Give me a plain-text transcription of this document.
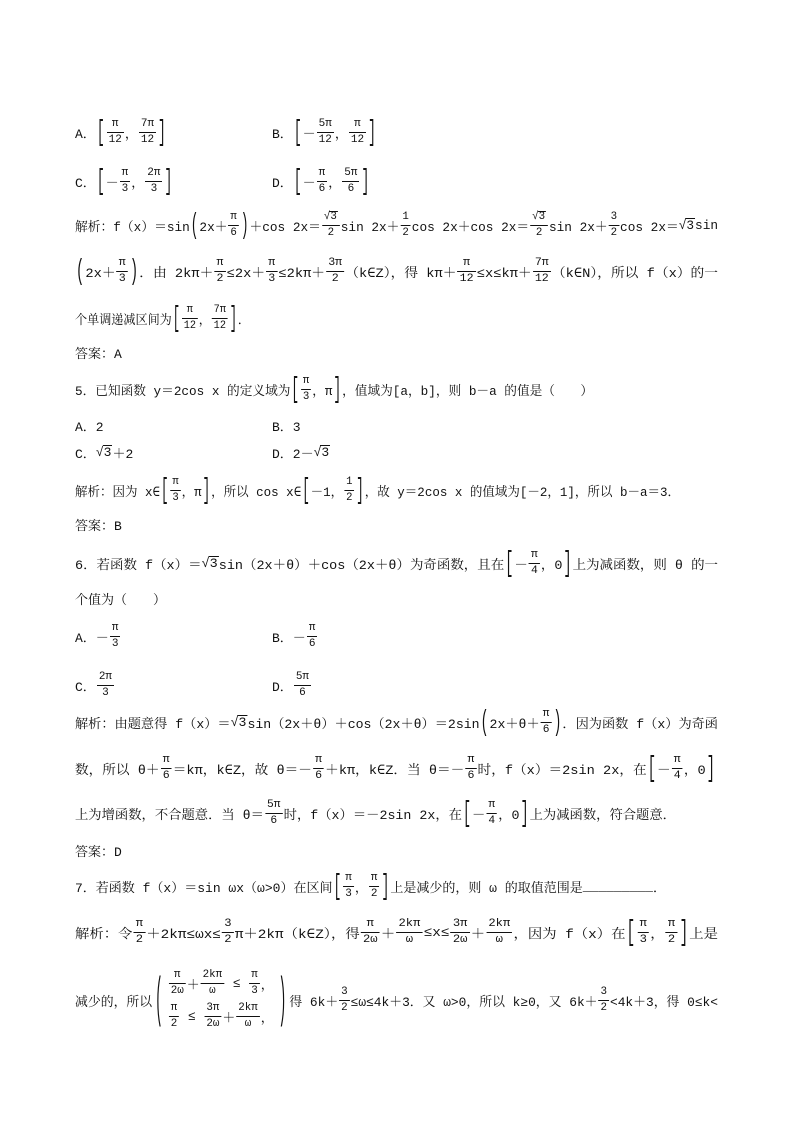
A． [ $\frac{\pi}{12}$ ， $\frac{7\pi}{12}$ ]	B． [ － $\frac{5\pi}{12}$ ， $\frac{\pi}{12}$ ]
C． [ － $\frac{\pi}{3}$ ， $\frac{2\pi}{3}$ ]	D． [ － $\frac{\pi}{6}$ ， $\frac{5\pi}{6}$ ]
解析：f（x）＝sin ( $2x+ \frac{\pi}{6}$ ) ＋cos $2x= \frac{√ 3}{2}$ $\sin 2x+ \frac{1}{2}$ cos 2x＋cos $2x= \frac{√ 3}{2}$ $\sin 2x+ \frac{3}{2}$ cos 2x＝ √ 3 sin
( $2x+ \frac{\pi}{3}$ ) ．由 $2k\pi+ \frac{\pi}{2} \le 2x+ \frac{\pi}{3} \le 2k\pi+ \frac{3\pi}{2}$ （k∈Z），得 $k\pi+ \frac{\pi}{12} \le x\le k\pi+ \frac{7\pi}{12}$ （k∈N），所以 f（x）的一
个单调递减区间为 [ $\frac{\pi}{12}$ ， $\frac{7\pi}{12}$ ] ．
答案：A
5．已知函数 y＝2cos x 的定义域为 [ $\frac{\pi}{3}$ ，π ] ，值域为[a，b]，则 b－a 的值是（　　）
A．2	B．3
C． √ 3 ＋2	D．2－ √ 3
解析：因为 x∈ [ $\frac{\pi}{3}$ ，π ] ，所以 cos x∈ [ －1， $\frac{1}{2}$ ] ，故 y＝2cos x 的值域为[－2，1]，所以 b－a＝3．
答案：B
6．若函数 f（x）＝ √ 3 sin（2x＋θ）＋cos（2x＋θ）为奇函数，且在 [ － $\frac{\pi}{4}$ ，0 ] 上为减函数，则 θ 的一
个值为（　　）
A．－ $\frac{\pi}{3}$	B．－ $\frac{\pi}{6}$
C． $\frac{2\pi}{3}$	D． $\frac{5\pi}{6}$
解析：由题意得 f（x）＝ √ 3 sin（2x＋θ）＋cos（2x＋θ）＝2sin ( $2x+\theta+ \frac{\pi}{6}$ ) ．因为函数 f（x）为奇函
数，所以 $\theta+ \frac{\pi}{6} =k\pi$，k∈Z，故 $\theta=- \frac{\pi}{6} +k\pi$，k∈Z．当 $\theta=- \frac{\pi}{6}$ 时，f（x）＝2sin 2x，在 [ － $\frac{\pi}{4}$ ，0 ]
上为增函数，不合题意．当 $\theta= \frac{5\pi}{6}$ 时，f（x）＝－2sin 2x，在 [ － $\frac{\pi}{4}$ ，0 ] 上为减函数，符合题意．
答案：D
7．若函数 f（x）＝sin ωx（ω>0）在区间 [ $\frac{\pi}{3}$ ， $\frac{\pi}{2}$ ] 上是减少的，则 ω 的取值范围是 _________ ．
解析：令 $\frac{\pi}{2} +2k\pi\le\omega x\le \frac{3}{2}$ π＋2kπ（k∈Z），得 $\frac{\pi}{2\omega} + \frac{2k\pi}{\omega} \le x\le \frac{3\pi}{2\omega} + \frac{2k\pi}{\omega}$ ，因为 f（x）在 [ $\frac{\pi}{3}$ ， $\frac{\pi}{2}$ ] 上是
减少的，所以 ( $\frac{\pi}{2\omega} + \frac{2k\pi}{\omega} \le \frac{\pi}{3}$ ，
$\frac{\pi}{2} \le \frac{3\pi}{2\omega} + \frac{2k\pi}{\omega}$ ， ) 得 $6k+ \frac{3}{2} \le\omega\le 4k+3$．又 ω>0，所以 k≥0，又 $6k+ \frac{3}{2} <4k+3$，得 0≤k<
